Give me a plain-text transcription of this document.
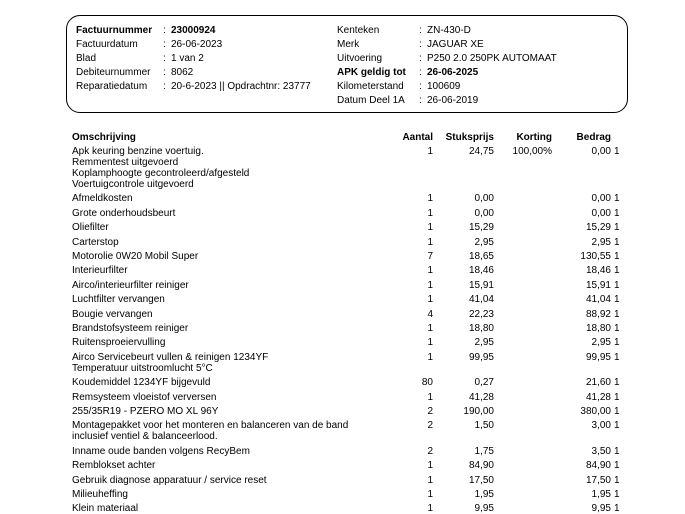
Factuurnummer : 23000924
Factuurdatum	: 26-06-2023
Blad	: 1 van 2
Debiteurnummer : 8062
Reparatiedatum : 20-6-2023 || Opdrachtnr: 23777
Kenteken	: ZN-430-D
Merk	: JAGUAR XE
Uitvoering	: P250 2.0 250PK AUTOMAAT
APK geldig tot : 26-06-2025
Kilometerstand : 100609
Datum Deel 1A : 26-06-2019
Omschrijving	Aantal Stuksprijs Korting Bedrag
Apk keuring benzine voertuig.	1	24,75 100,00%	0,00 1
Remmentest uitgevoerd
Koplamphoogte gecontroleerd/afgesteld
Voertuigcontrole uitgevoerd
Afmeldkosten	1	0,00	0,00 1
Grote onderhoudsbeurt	1	0,00	0,00 1
Oliefilter	1	15,29	15,29 1
Carterstop	1	2,95	2,95 1
Motorolie 0W20 Mobil Super	7	18,65	130,55 1
Interieurfilter	1	18,46	18,46 1
Airco/interieurfilter reiniger	1	15,91	15,91 1
Luchtfilter vervangen	1	41,04	41,04 1
Bougie vervangen	4	22,23	88,92 1
Brandstofsysteem reiniger	1	18,80	18,80 1
Ruitensproeiervulling	1	2,95	2,95 1
Airco Servicebeurt vullen & reinigen 1234YF	1	99,95	99,95 1
Temperatuur uitstroomlucht 5°C
Koudemiddel 1234YF bijgevuld	80	0,27	21,60 1
Remsysteem vloeistof verversen	1	41,28	41,28 1
255/35R19 - PZERO MO XL 96Y	2	190,00	380,00 1
Montagepakket voor het monteren en balanceren van de band	2	1,50	3,00 1
inclusief ventiel & balanceerlood.
Inname oude banden volgens RecyBem	2	1,75	3,50 1
Remblokset achter	1	84,90	84,90 1
Gebruik diagnose apparatuur / service reset	1	17,50	17,50 1
Milieuheffing	1	1,95	1,95 1
Klein materiaal	1	9,95	9,95 1
